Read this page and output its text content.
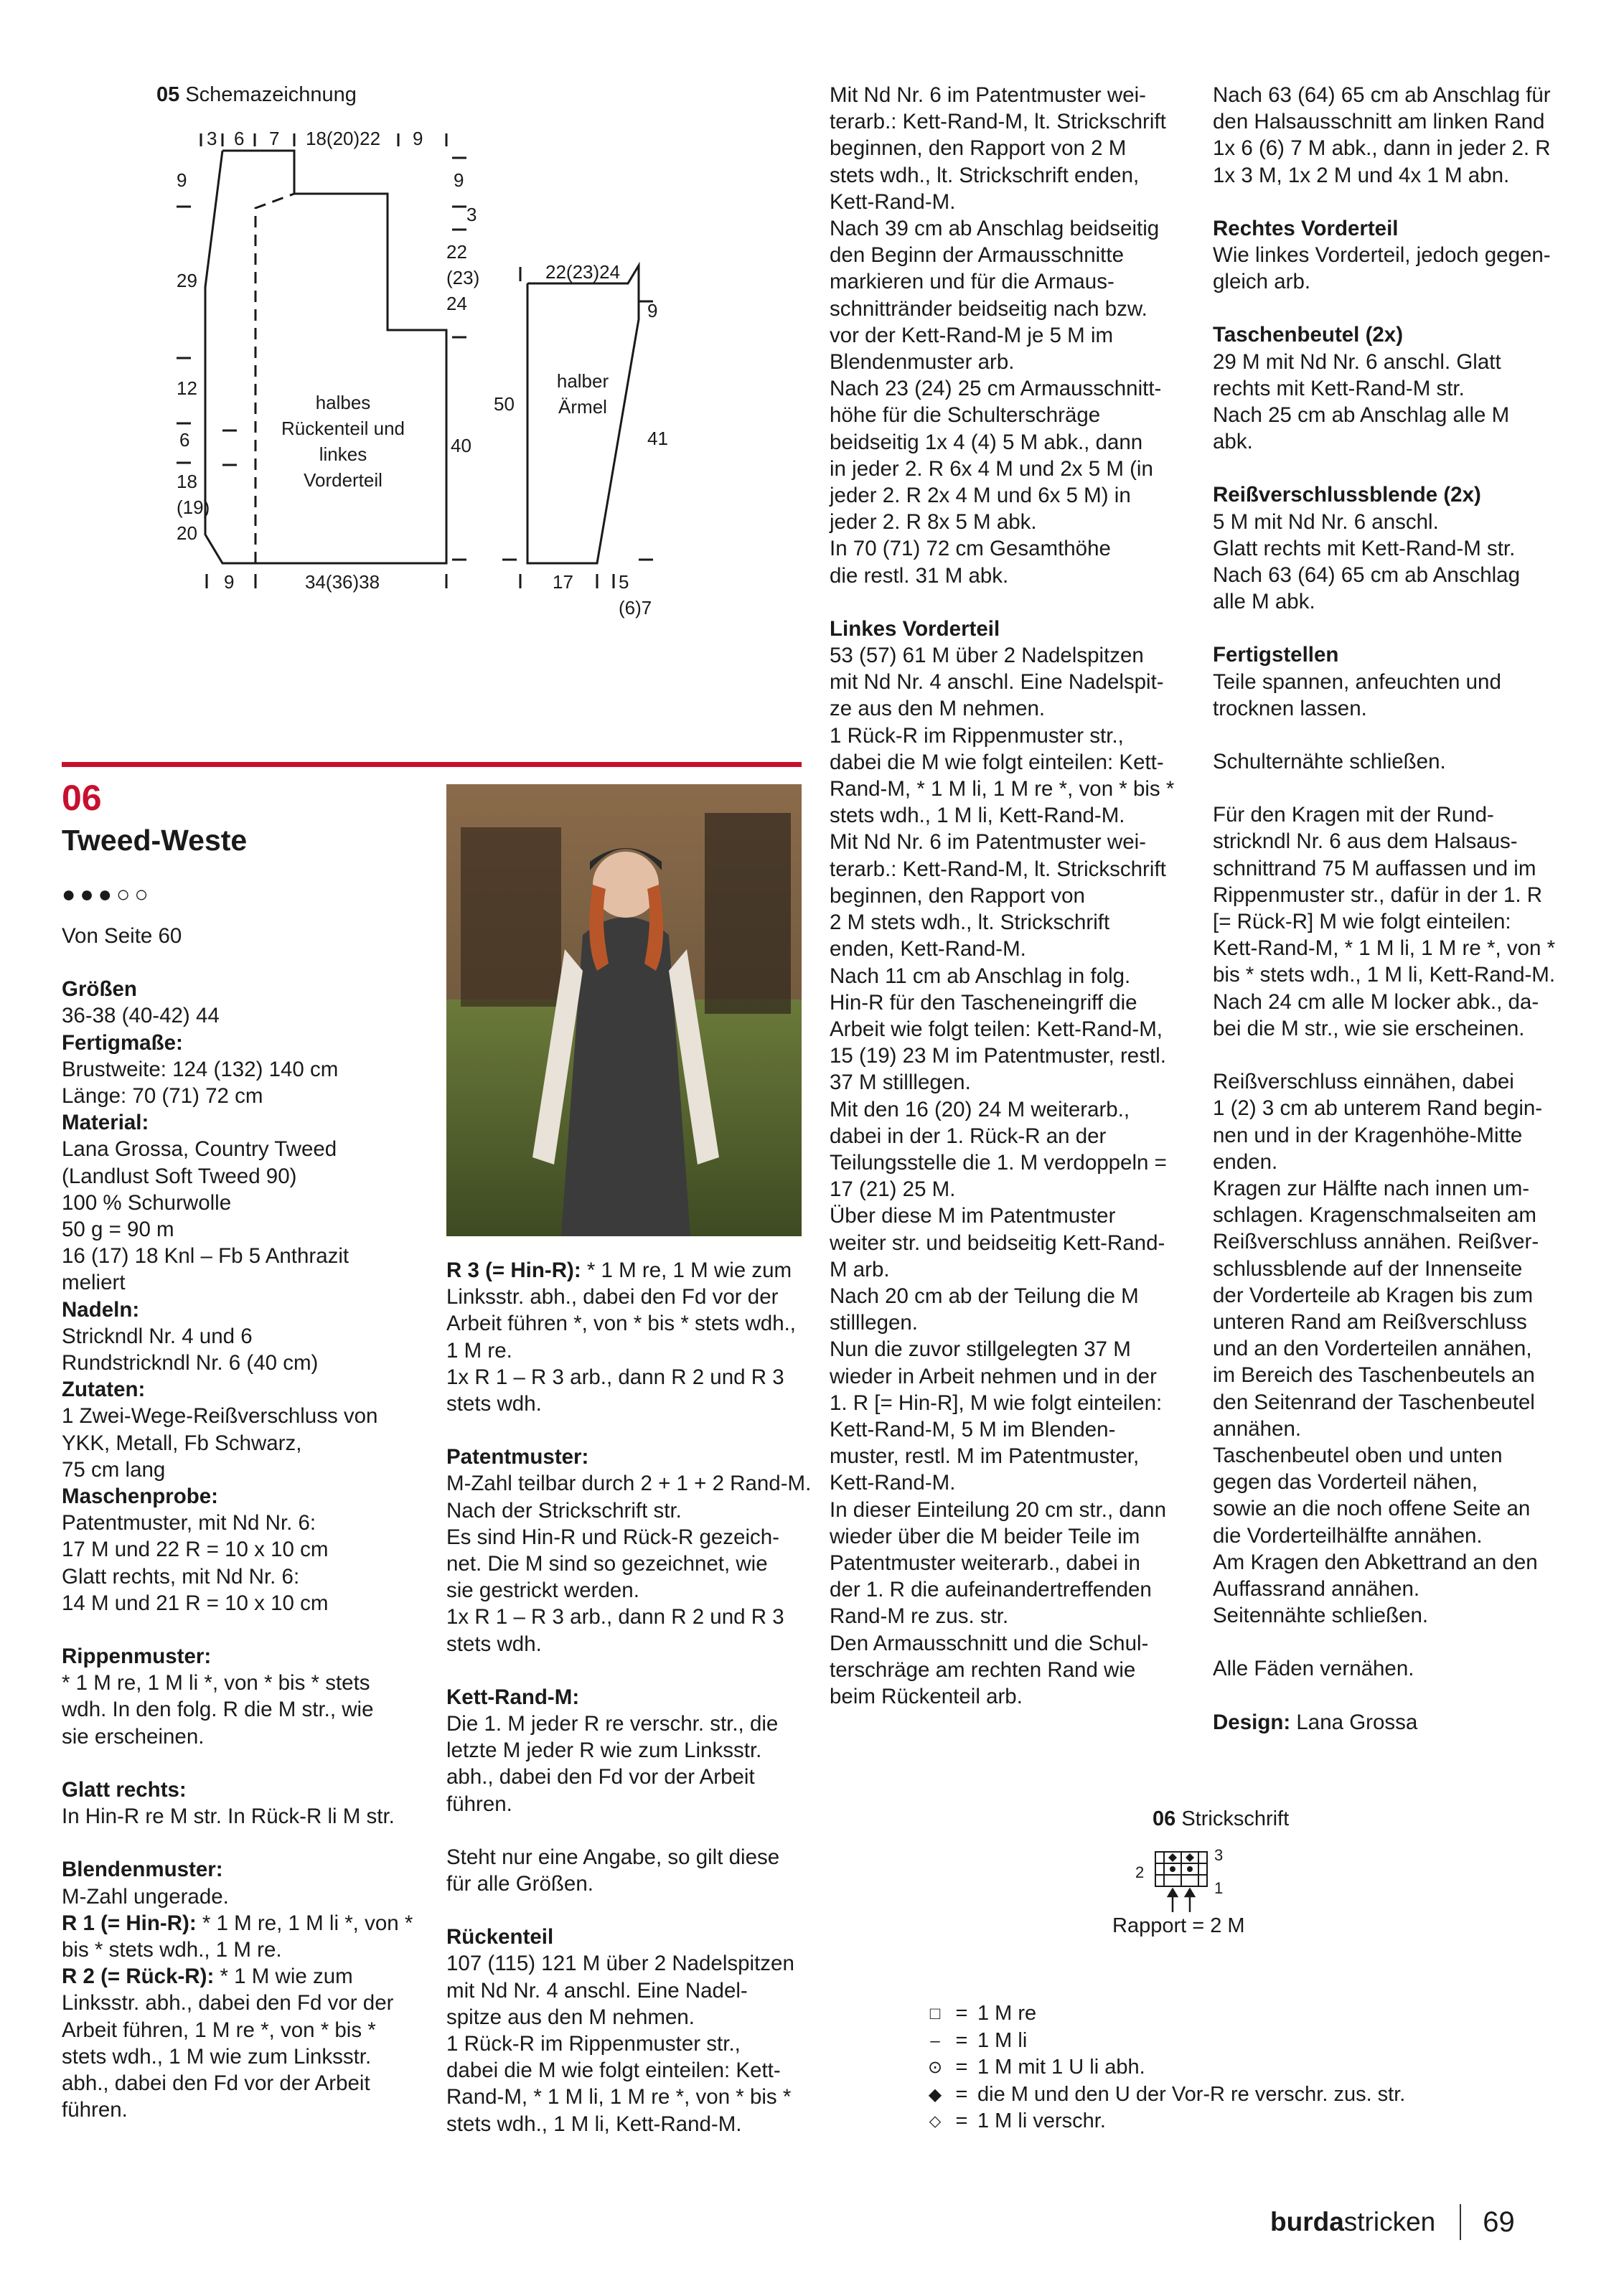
05 Schemazeichnung
3 6 7 18(20)22 9
9
29
12
6
18 (19) 20
9
3
22 (23) 24
40
9	34(36)38
halbes Rückenteil und linkes Vorderteil
22(23)24
halber Ärmel
50
9
41
17 5 (6)7
06
Tweed-Weste
●●●○○

Von Seite 60

Größen

36-38 (40-42) 44

Fertigmaße:

Brustweite: 124 (132) 140 cm
Länge: 70 (71) 72 cm

Material:

Lana Grossa, Country Tweed
(Landlust Soft Tweed 90)
100 % Schurwolle
50 g = 90 m
16 (17) 18 Knl – Fb 5 Anthrazit
meliert

Nadeln:

Strickndl Nr. 4 und 6
Rundstrickndl Nr. 6 (40 cm)

Zutaten:

1 Zwei-Wege-Reißverschluss von
YKK, Metall, Fb Schwarz,
75 cm lang

Maschenprobe:

Patentmuster, mit Nd Nr. 6:
17 M und 22 R = 10 x 10 cm
Glatt rechts, mit Nd Nr. 6:
14 M und 21 R = 10 x 10 cm

Rippenmuster:

* 1 M re, 1 M li *, von * bis * stets
wdh. In den folg. R die M str., wie
sie erscheinen.

Glatt rechts:

In Hin-R re M str. In Rück-R li M str.

Blendenmuster:

M-Zahl ungerade.

R 1 (= Hin-R): * 1 M re, 1 M li *, von *
bis * stets wdh., 1 M re.

R 2 (= Rück-R): * 1 M wie zum
Linksstr. abh., dabei den Fd vor der
Arbeit führen, 1 M re *, von * bis *
stets wdh., 1 M wie zum Linksstr.
abh., dabei den Fd vor der Arbeit
führen.

R 3 (= Hin-R): * 1 M re, 1 M wie zum
Linksstr. abh., dabei den Fd vor der
Arbeit führen *, von * bis * stets wdh.,
1 M re.

1x R 1 – R 3 arb., dann R 2 und R 3
stets wdh.

Patentmuster:

M-Zahl teilbar durch 2 + 1 + 2 Rand-M.
Nach der Strickschrift str.
Es sind Hin-R und Rück-R gezeich-
net. Die M sind so gezeichnet, wie
sie gestrickt werden.
1x R 1 – R 3 arb., dann R 2 und R 3
stets wdh.

Kett-Rand-M:

Die 1. M jeder R re verschr. str., die
letzte M jeder R wie zum Linksstr.
abh., dabei den Fd vor der Arbeit
führen.

Steht nur eine Angabe, so gilt diese
für alle Größen.

Rückenteil

107 (115) 121 M über 2 Nadelspitzen
mit Nd Nr. 4 anschl. Eine Nadel-
spitze aus den M nehmen.
1 Rück-R im Rippenmuster str.,
dabei die M wie folgt einteilen: Kett-
Rand-M, * 1 M li, 1 M re *, von * bis *
stets wdh., 1 M li, Kett-Rand-M.

Mit Nd Nr. 6 im Patentmuster wei-
terarb.: Kett-Rand-M, lt. Strickschrift
beginnen, den Rapport von 2 M
stets wdh., lt. Strickschrift enden,
Kett-Rand-M.
Nach 39 cm ab Anschlag beidseitig
den Beginn der Armausschnitte
markieren und für die Armaus-
schnittränder beidseitig nach bzw.
vor der Kett-Rand-M je 5 M im
Blendenmuster arb.
Nach 23 (24) 25 cm Armausschnitt-
höhe für die Schulterschräge
beidseitig 1x 4 (4) 5 M abk., dann
in jeder 2. R 6x 4 M und 2x 5 M (in
jeder 2. R 2x 4 M und 6x 5 M) in
jeder 2. R 8x 5 M abk.
In 70 (71) 72 cm Gesamthöhe
die restl. 31 M abk.

Linkes Vorderteil

53 (57) 61 M über 2 Nadelspitzen
mit Nd Nr. 4 anschl. Eine Nadelspit-
ze aus den M nehmen.
1 Rück-R im Rippenmuster str.,
dabei die M wie folgt einteilen: Kett-
Rand-M, * 1 M li, 1 M re *, von * bis *
stets wdh., 1 M li, Kett-Rand-M.
Mit Nd Nr. 6 im Patentmuster wei-
terarb.: Kett-Rand-M, lt. Strickschrift
beginnen, den Rapport von
2 M stets wdh., lt. Strickschrift
enden, Kett-Rand-M.
Nach 11 cm ab Anschlag in folg.
Hin-R für den Tascheneingriff die
Arbeit wie folgt teilen: Kett-Rand-M,
15 (19) 23 M im Patentmuster, restl.
37 M stilllegen.
Mit den 16 (20) 24 M weiterarb.,
dabei in der 1. Rück-R an der
Teilungsstelle die 1. M verdoppeln =
17 (21) 25 M.
Über diese M im Patentmuster
weiter str. und beidseitig Kett-Rand-
M arb.
Nach 20 cm ab der Teilung die M
stilllegen.
Nun die zuvor stillgelegten 37 M
wieder in Arbeit nehmen und in der
1. R [= Hin-R], M wie folgt einteilen:
Kett-Rand-M, 5 M im Blenden-
muster, restl. M im Patentmuster,
Kett-Rand-M.
In dieser Einteilung 20 cm str., dann
wieder über die M beider Teile im
Patentmuster weiterarb., dabei in
der 1. R die aufeinandertreffenden
Rand-M re zus. str.
Den Armausschnitt und die Schul-
terschräge am rechten Rand wie
beim Rückenteil arb.

Nach 63 (64) 65 cm ab Anschlag für
den Halsausschnitt am linken Rand
1x 6 (6) 7 M abk., dann in jeder 2. R
1x 3 M, 1x 2 M und 4x 1 M abn.

Rechtes Vorderteil

Wie linkes Vorderteil, jedoch gegen-
gleich arb.

Taschenbeutel (2x)

29 M mit Nd Nr. 6 anschl. Glatt
rechts mit Kett-Rand-M str.
Nach 25 cm ab Anschlag alle M
abk.

Reißverschlussblende (2x)

5 M mit Nd Nr. 6 anschl.
Glatt rechts mit Kett-Rand-M str.
Nach 63 (64) 65 cm ab Anschlag
alle M abk.

Fertigstellen

Teile spannen, anfeuchten und
trocknen lassen.

Schulternähte schließen.

Für den Kragen mit der Rund-
strickndl Nr. 6 aus dem Halsaus-
schnittrand 75 M auffassen und im
Rippenmuster str., dafür in der 1. R
[= Rück-R] M wie folgt einteilen:
Kett-Rand-M, * 1 M li, 1 M re *, von *
bis * stets wdh., 1 M li, Kett-Rand-M.
Nach 24 cm alle M locker abk., da-
bei die M str., wie sie erscheinen.

Reißverschluss einnähen, dabei
1 (2) 3 cm ab unterem Rand begin-
nen und in der Kragenhöhe-Mitte
enden.
Kragen zur Hälfte nach innen um-
schlagen. Kragenschmalseiten am
Reißverschluss annähen. Reißver-
schlussblende auf der Innenseite
der Vorderteile ab Kragen bis zum
unteren Rand am Reißverschluss
und an den Vorderteilen annähen,
im Bereich des Taschenbeutels an
den Seitenrand der Taschenbeutel
annähen.
Taschenbeutel oben und unten
gegen das Vorderteil nähen,
sowie an die noch offene Seite an
die Vorderteilhälfte annähen.
Am Kragen den Abkettrand an den
Auffassrand annähen.
Seitennähte schließen.

Alle Fäden vernähen.

Design: Lana Grossa

06 Strickschrift
2
3
1
Rapport = 2 M
□ = 1 M re
– = 1 M li
⊙ = 1 M mit 1 U li abh.
◆ = die M und den U der Vor-R re verschr. zus. str.
⬦ = 1 M li verschr.
burdastricken 69
